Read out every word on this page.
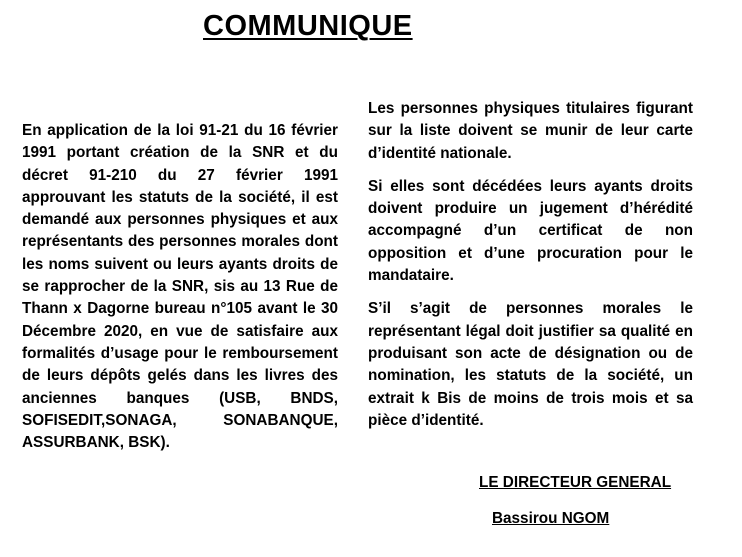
COMMUNIQUE

En application de la loi 91-21 du 16 février 1991 portant création de la SNR et du décret 91-210 du 27 février 1991 approuvant les statuts de la société, il est demandé aux personnes physiques et aux représentants des personnes morales dont les noms suivent ou leurs ayants droits de se rapprocher de la SNR, sis au 13 Rue de Thann x Dagorne bureau n°105 avant le 30 Décembre 2020, en vue de satisfaire aux formalités d’usage pour le remboursement de leurs dépôts gelés dans les livres des anciennes banques (USB, BNDS, SOFISEDIT,SONAGA, SONABANQUE, ASSURBANK, BSK).

Les personnes physiques titulaires figurant sur la liste doivent se munir de leur carte d’identité nationale.

Si elles sont décédées leurs ayants droits doivent produire un jugement d’hérédité accompagné d’un certificat de non opposition et d’une procuration pour le mandataire.

S’il s’agit de personnes morales le représentant légal doit justifier sa qualité en produisant son acte de désignation ou de nomination, les statuts de la société, un extrait k Bis de moins de trois mois et sa pièce d’identité.

LE DIRECTEUR GENERAL
Bassirou NGOM
